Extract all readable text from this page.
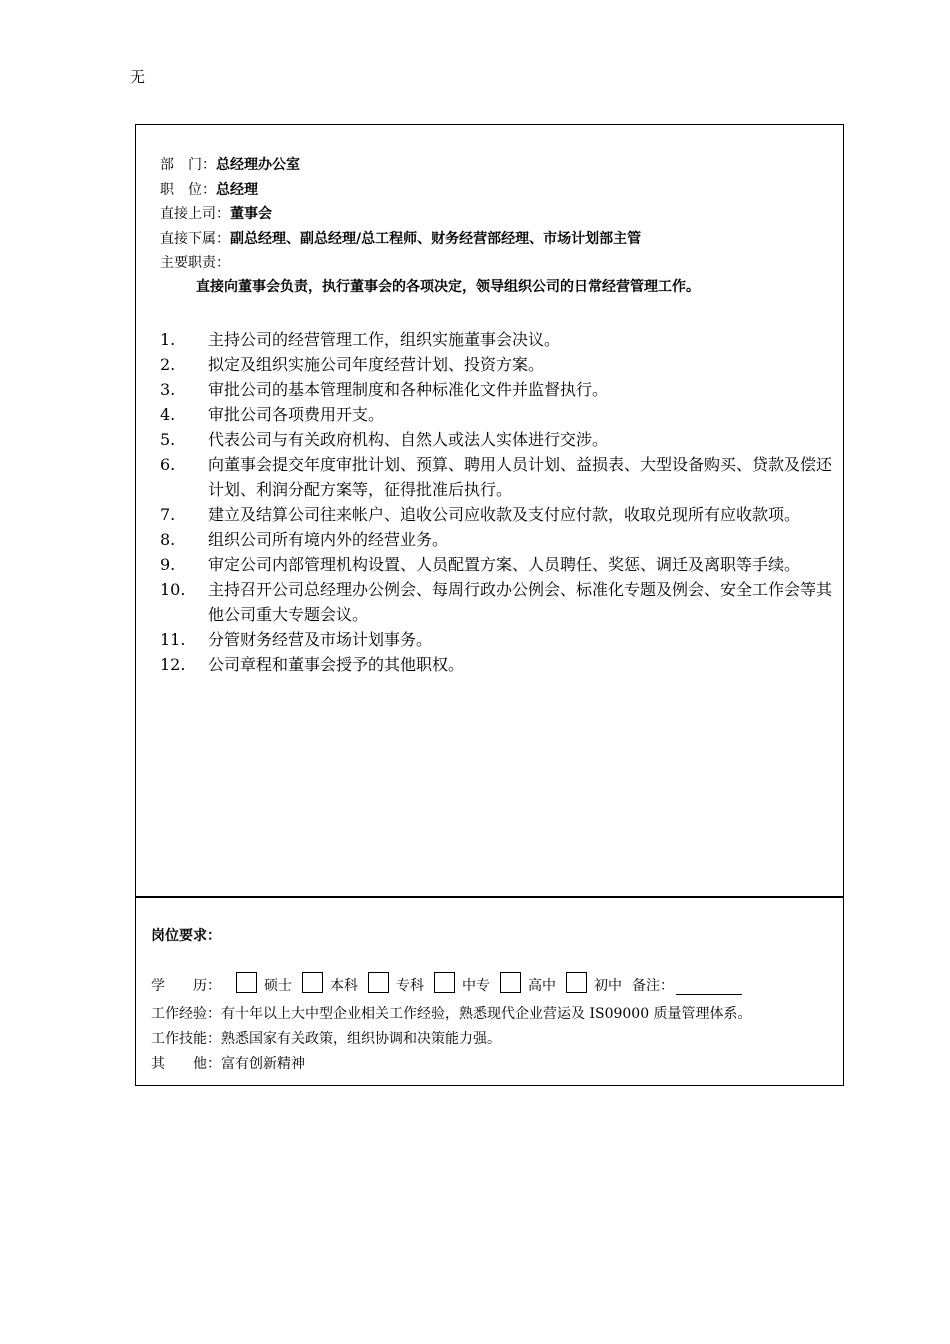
无
部　门：总经理办公室
职　位：总经理
直接上司：董事会
直接下属：副总经理、副总经理/总工程师、财务经营部经理、市场计划部主管
主要职责：
直接向董事会负责，执行董事会的各项决定，领导组织公司的日常经营管理工作。
1.	主持公司的经营管理工作，组织实施董事会决议。
2.	拟定及组织实施公司年度经营计划、投资方案。
3.	审批公司的基本管理制度和各种标准化文件并监督执行。
4.	审批公司各项费用开支。
5.	代表公司与有关政府机构、自然人或法人实体进行交涉。
6.	向董事会提交年度审批计划、预算、聘用人员计划、益损表、大型设备购买、贷款及偿还计划、利润分配方案等，征得批准后执行。
7.	建立及结算公司往来帐户、追收公司应收款及支付应付款，收取兑现所有应收款项。
8.	组织公司所有境内外的经营业务。
9.	审定公司内部管理机构设置、人员配置方案、人员聘任、奖惩、调迁及离职等手续。
10.	主持召开公司总经理办公例会、每周行政办公例会、标准化专题及例会、安全工作会等其他公司重大专题会议。
11.	分管财务经营及市场计划事务。
12.	公司章程和董事会授予的其他职权。
岗位要求：
学　　历：	硕士	本科	专科	中专	高中	初中 备注：
工作经验：有十年以上大中型企业相关工作经验，熟悉现代企业营运及 IS09000 质量管理体系。
工作技能：熟悉国家有关政策，组织协调和决策能力强。
其　　他：富有创新精神
